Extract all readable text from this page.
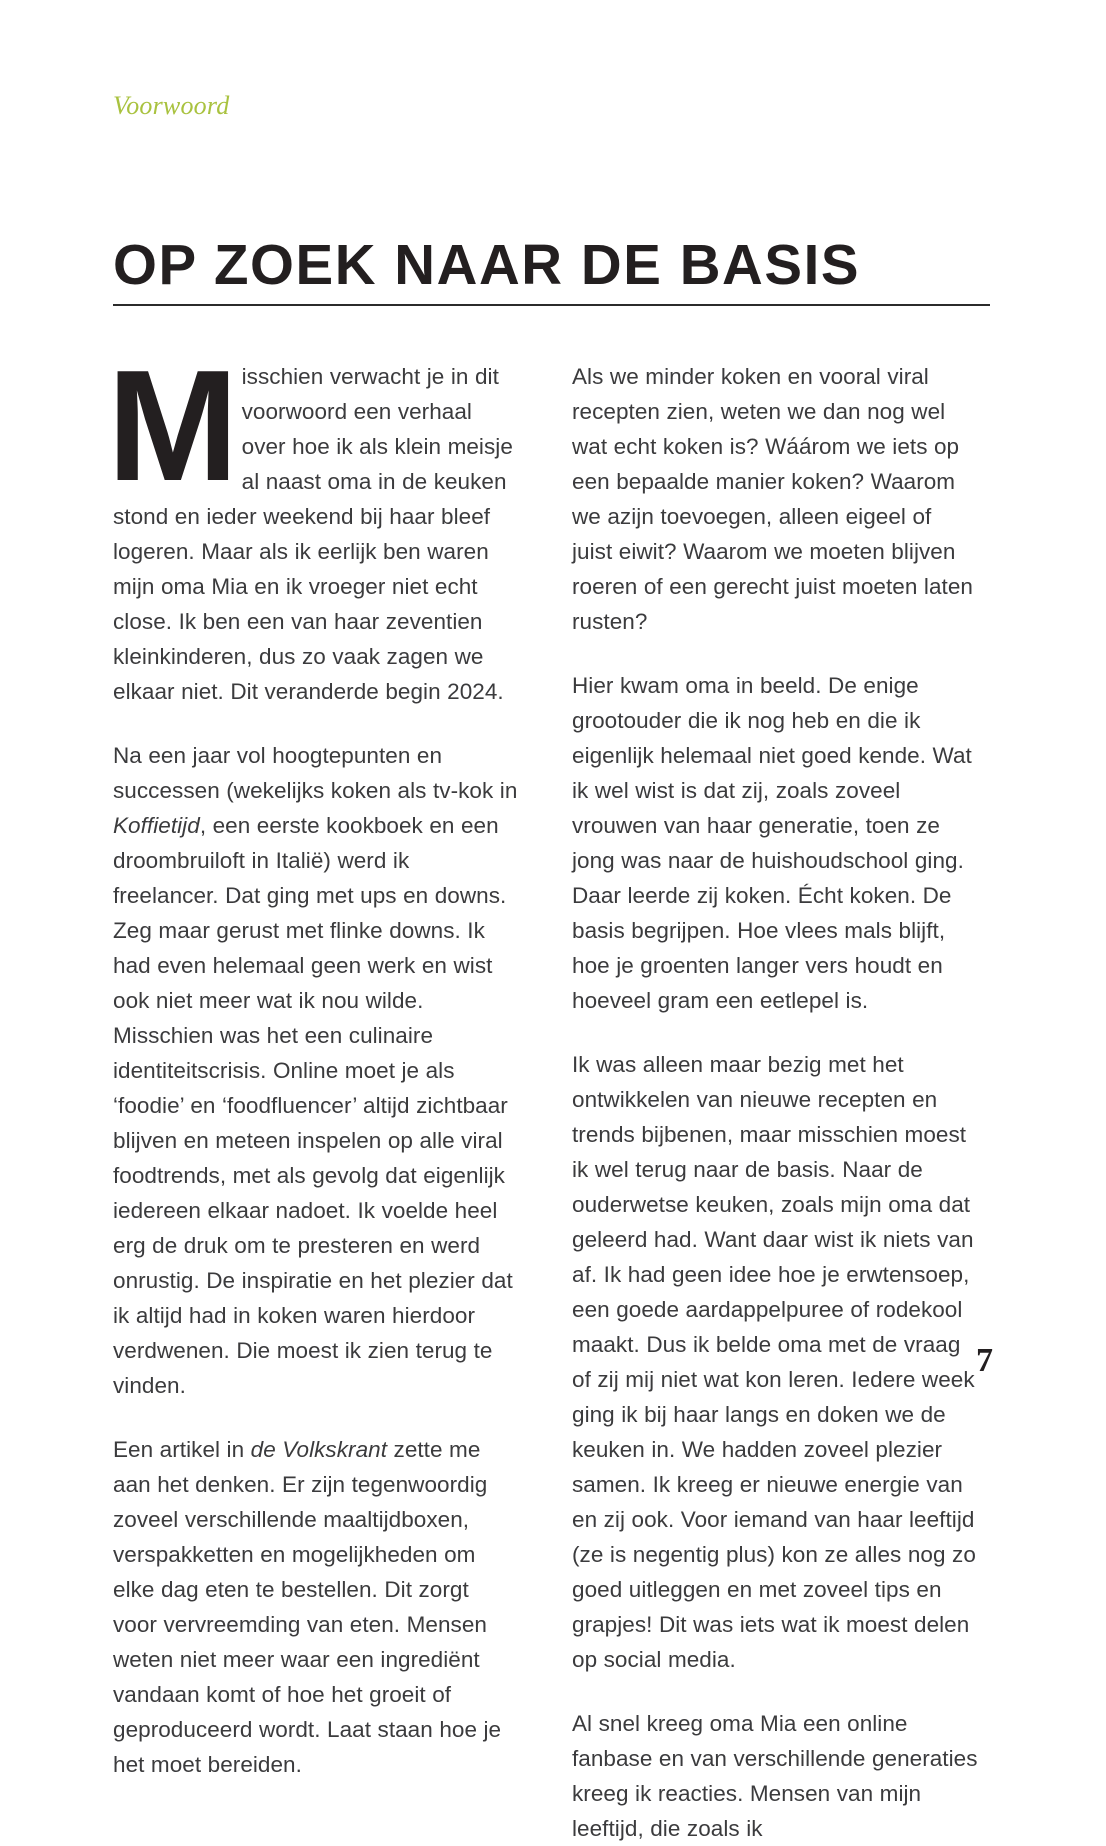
Voorwoord
OP ZOEK NAAR DE BASIS

Misschien verwacht je in dit voorwoord een verhaal over hoe ik als klein meisje al naast oma in de keuken stond en ieder weekend bij haar bleef logeren. Maar als ik eerlijk ben waren mijn oma Mia en ik vroeger niet echt close. Ik ben een van haar zeventien kleinkinderen, dus zo vaak zagen we elkaar niet. Dit veranderde begin 2024.

Na een jaar vol hoogtepunten en successen (wekelijks koken als tv-kok in Koffietijd, een eerste kookboek en een droombruiloft in Italië) werd ik freelancer. Dat ging met ups en downs. Zeg maar gerust met flinke downs. Ik had even helemaal geen werk en wist ook niet meer wat ik nou wilde. Misschien was het een culinaire identiteitscrisis. Online moet je als ‘foodie’ en ‘foodfluencer’ altijd zichtbaar blijven en meteen inspelen op alle viral foodtrends, met als gevolg dat eigenlijk iedereen elkaar nadoet. Ik voelde heel erg de druk om te presteren en werd onrustig. De inspiratie en het plezier dat ik altijd had in koken waren hierdoor verdwenen. Die moest ik zien terug te vinden.

Een artikel in de Volkskrant zette me aan het denken. Er zijn tegenwoordig zoveel verschillende maaltijdboxen, verspakketten en mogelijkheden om elke dag eten te bestellen. Dit zorgt voor vervreemding van eten. Mensen weten niet meer waar een ingrediënt vandaan komt of hoe het groeit of geproduceerd wordt. Laat staan hoe je het moet bereiden.

Als we minder koken en vooral viral recepten zien, weten we dan nog wel wat echt koken is? Wáárom we iets op een bepaalde manier koken? Waarom we azijn toevoegen, alleen eigeel of juist eiwit? Waarom we moeten blijven roeren of een gerecht juist moeten laten rusten?

Hier kwam oma in beeld. De enige grootouder die ik nog heb en die ik eigenlijk helemaal niet goed kende. Wat ik wel wist is dat zij, zoals zoveel vrouwen van haar generatie, toen ze jong was naar de huishoudschool ging. Daar leerde zij koken. Écht koken. De basis begrijpen. Hoe vlees mals blijft, hoe je groenten langer vers houdt en hoeveel gram een eetlepel is.

Ik was alleen maar bezig met het ontwikkelen van nieuwe recepten en trends bijbenen, maar misschien moest ik wel terug naar de basis. Naar de ouderwetse keuken, zoals mijn oma dat geleerd had. Want daar wist ik niets van af. Ik had geen idee hoe je erwtensoep, een goede aardappelpuree of rodekool maakt. Dus ik belde oma met de vraag of zij mij niet wat kon leren. Iedere week ging ik bij haar langs en doken we de keuken in. We hadden zoveel plezier samen. Ik kreeg er nieuwe energie van en zij ook. Voor iemand van haar leeftijd (ze is negentig plus) kon ze alles nog zo goed uitleggen en met zoveel tips en grapjes! Dit was iets wat ik moest delen op social media.

Al snel kreeg oma Mia een online fanbase en van verschillende generaties kreeg ik reacties. Mensen van mijn leeftijd, die zoals ik

7
